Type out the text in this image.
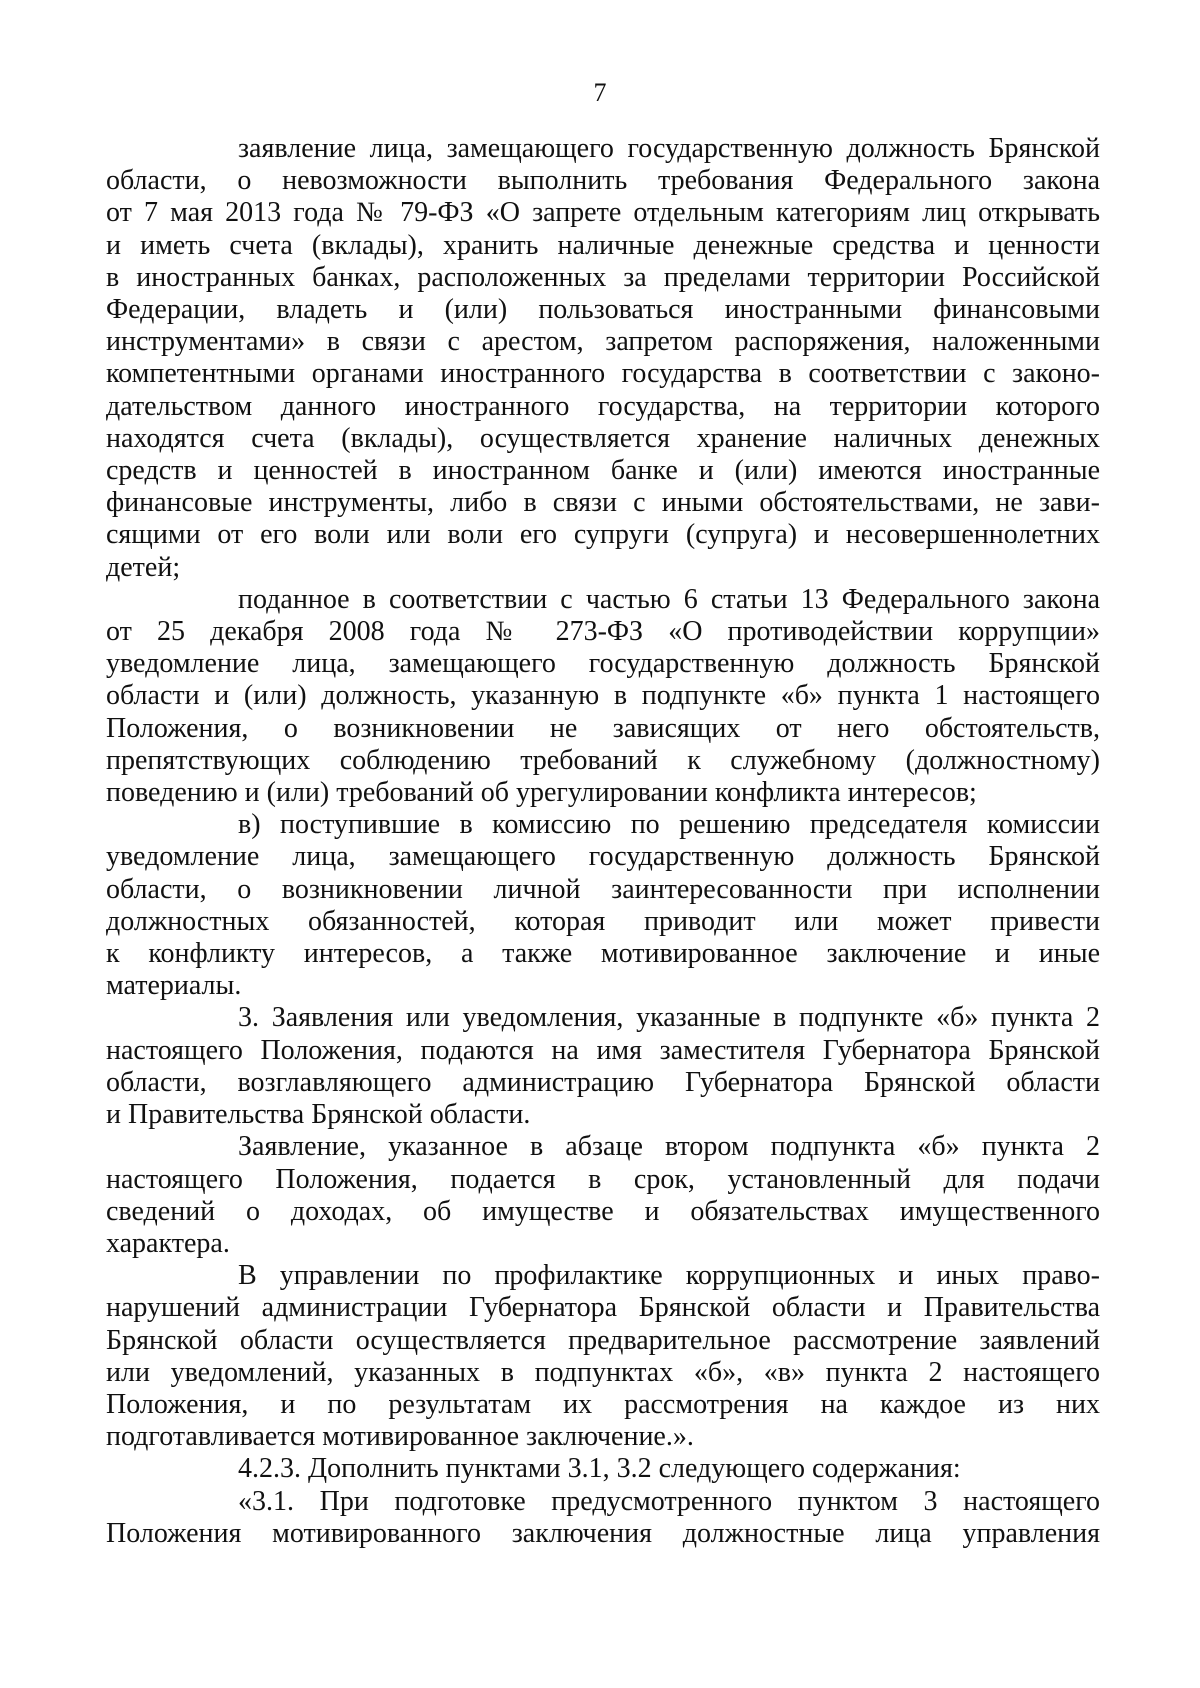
7

заявление лица, замещающего государственную должность Брянской
области, о невозможности выполнить требования Федерального закона
от 7 мая 2013 года № 79-ФЗ «О запрете отдельным категориям лиц открывать
и иметь счета (вклады), хранить наличные денежные средства и ценности
в иностранных банках, расположенных за пределами территории Российской
Федерации, владеть и (или) пользоваться иностранными финансовыми
инструментами» в связи с арестом, запретом распоряжения, наложенными
компетентными органами иностранного государства в соответствии с законо-
дательством данного иностранного государства, на территории которого
находятся счета (вклады), осуществляется хранение наличных денежных
средств и ценностей в иностранном банке и (или) имеются иностранные
финансовые инструменты, либо в связи с иными обстоятельствами, не зави-
сящими от его воли или воли его супруги (супруга) и несовершеннолетних
детей;

поданное в соответствии с частью 6 статьи 13 Федерального закона
от 25 декабря 2008 года № 273-ФЗ «О противодействии коррупции»
уведомление лица, замещающего государственную должность Брянской
области и (или) должность, указанную в подпункте «б» пункта 1 настоящего
Положения, о возникновении не зависящих от него обстоятельств,
препятствующих соблюдению требований к служебному (должностному)
поведению и (или) требований об урегулировании конфликта интересов;

в) поступившие в комиссию по решению председателя комиссии
уведомление лица, замещающего государственную должность Брянской
области, о возникновении личной заинтересованности при исполнении
должностных обязанностей, которая приводит или может привести
к конфликту интересов, а также мотивированное заключение и иные
материалы.

3. Заявления или уведомления, указанные в подпункте «б» пункта 2
настоящего Положения, подаются на имя заместителя Губернатора Брянской
области, возглавляющего администрацию Губернатора Брянской области
и Правительства Брянской области.

Заявление, указанное в абзаце втором подпункта «б» пункта 2
настоящего Положения, подается в срок, установленный для подачи
сведений о доходах, об имуществе и обязательствах имущественного
характера.

В управлении по профилактике коррупционных и иных право-
нарушений администрации Губернатора Брянской области и Правительства
Брянской области осуществляется предварительное рассмотрение заявлений
или уведомлений, указанных в подпунктах «б», «в» пункта 2 настоящего
Положения, и по результатам их рассмотрения на каждое из них
подготавливается мотивированное заключение.».

4.2.3. Дополнить пунктами 3.1, 3.2 следующего содержания:

«3.1. При подготовке предусмотренного пунктом 3 настоящего
Положения мотивированного заключения должностные лица управления
